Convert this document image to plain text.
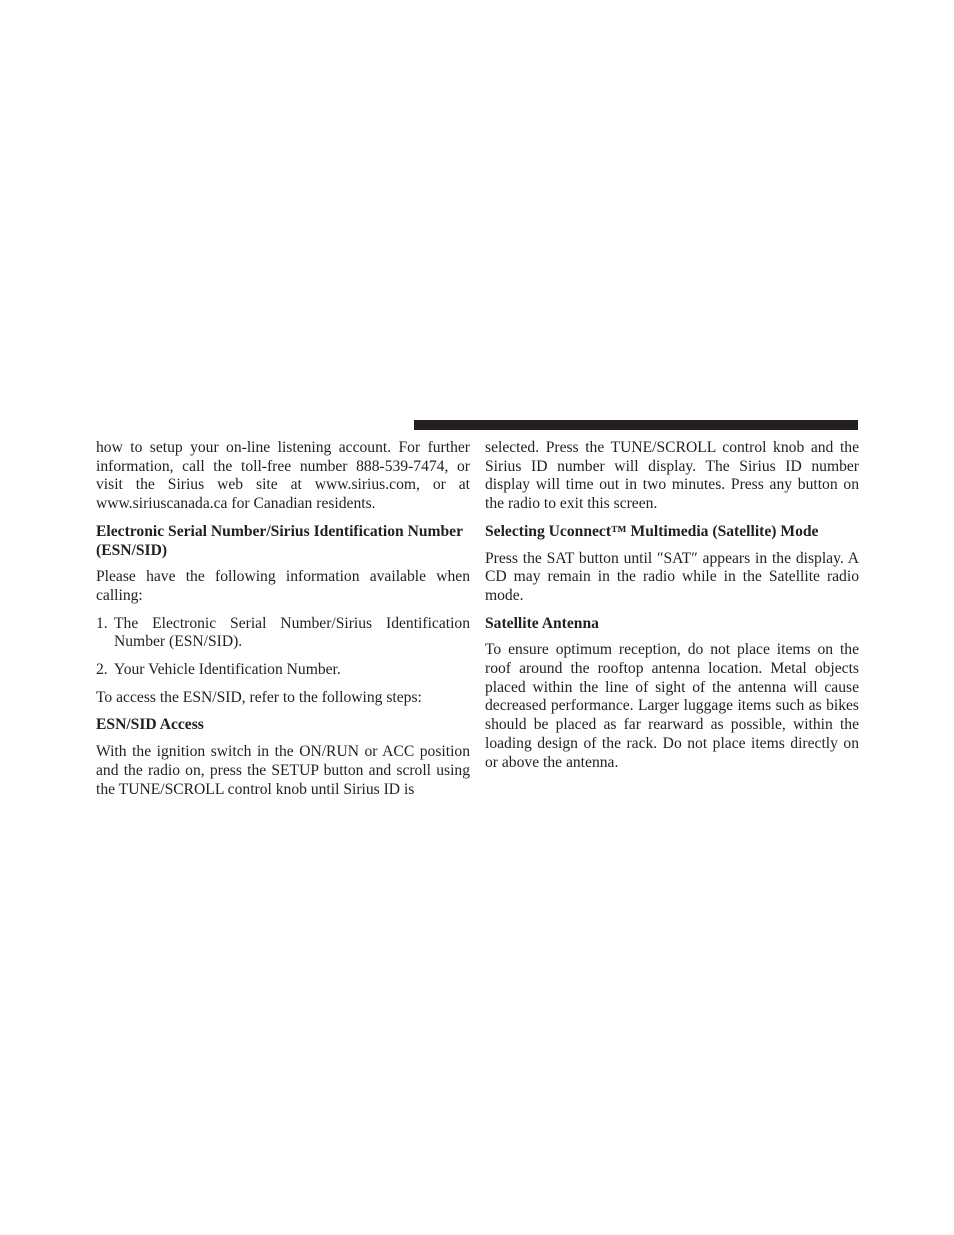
how to setup your on-line listening account. For further information, call the toll-free number 888-539-7474, or visit the Sirius web site at www.sirius.com, or at www.siriuscanada.ca for Canadian residents.

Electronic Serial Number/Sirius Identification Number (ESN/SID)

Please have the following information available when calling:

1. The Electronic Serial Number/Sirius Identification Number (ESN/SID).
2. Your Vehicle Identification Number.

To access the ESN/SID, refer to the following steps:

ESN/SID Access

With the ignition switch in the ON/RUN or ACC position and the radio on, press the SETUP button and scroll using the TUNE/SCROLL control knob until Sirius ID is

selected. Press the TUNE/SCROLL control knob and the Sirius ID number will display. The Sirius ID number display will time out in two minutes. Press any button on the radio to exit this screen.

Selecting Uconnect™ Multimedia (Satellite) Mode

Press the SAT button until ″SAT″ appears in the display. A CD may remain in the radio while in the Satellite radio mode.

Satellite Antenna

To ensure optimum reception, do not place items on the roof around the rooftop antenna location. Metal objects placed within the line of sight of the antenna will cause decreased performance. Larger luggage items such as bikes should be placed as far rearward as possible, within the loading design of the rack. Do not place items directly on or above the antenna.
